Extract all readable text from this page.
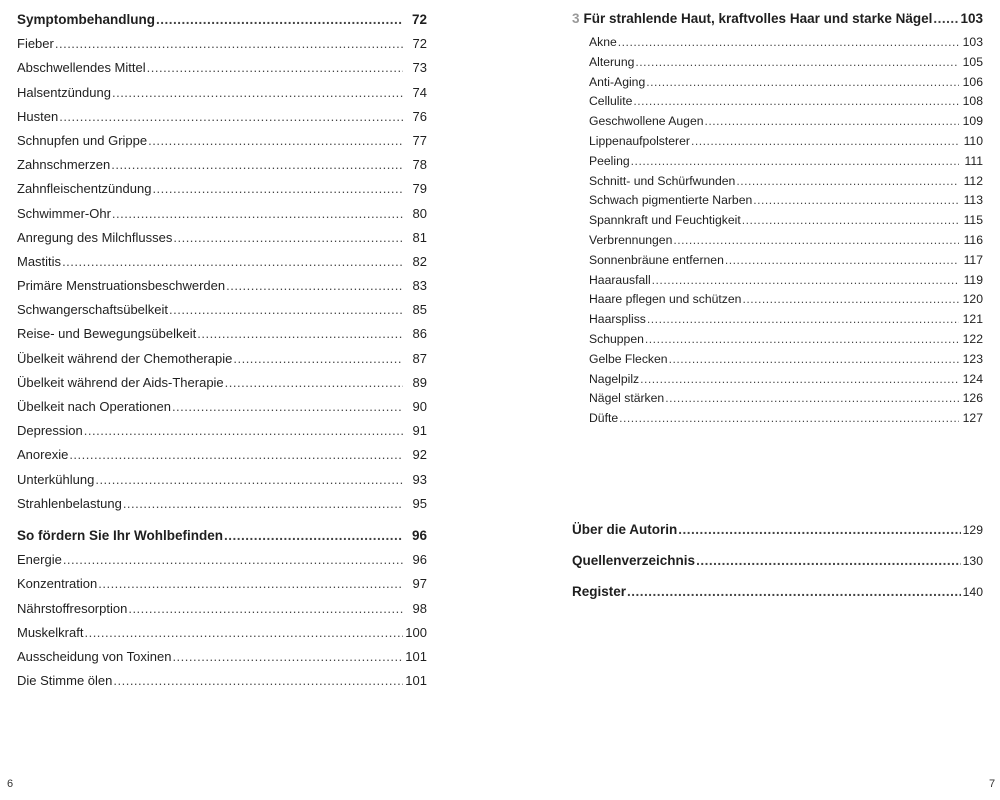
Symptombehandlung .....	72
Fieber .....	72
Abschwellendes Mittel .....	73
Halsentzündung .....	74
Husten .....	76
Schnupfen und Grippe .....	77
Zahnschmerzen .....	78
Zahnfleischentzündung .....	79
Schwimmer-Ohr .....	80
Anregung des Milchflusses .....	81
Mastitis .....	82
Primäre Menstruationsbeschwerden .....	83
Schwangerschaftsübelkeit .....	85
Reise- und Bewegungsübelkeit .....	86
Übelkeit während der Chemotherapie .....	87
Übelkeit während der Aids-Therapie .....	89
Übelkeit nach Operationen .....	90
Depression .....	91
Anorexie .....	92
Unterkühlung .....	93
Strahlenbelastung .....	95
So fördern Sie Ihr Wohlbefinden .....	96
Energie .....	96
Konzentration .....	97
Nährstoffresorption .....	98
Muskelkraft .....	100
Ausscheidung von Toxinen .....	101
Die Stimme ölen .....	101
6
3 Für strahlende Haut, kraftvolles Haar und starke Nägel ..... 103
Akne .....	103
Alterung .....	105
Anti-Aging .....	106
Cellulite .....	108
Geschwollene Augen .....	109
Lippenaufpolsterer .....	110
Peeling .....	111
Schnitt- und Schürfwunden .....	112
Schwach pigmentierte Narben .....	113
Spannkraft und Feuchtigkeit .....	115
Verbrennungen .....	116
Sonnenbräune entfernen .....	117
Haarausfall .....	119
Haare pflegen und schützen .....	120
Haarspliss .....	121
Schuppen .....	122
Gelbe Flecken .....	123
Nagelpilz .....	124
Nägel stärken .....	126
Düfte .....	127
Über die Autorin .....	129
Quellenverzeichnis .....	130
Register .....	140
7
